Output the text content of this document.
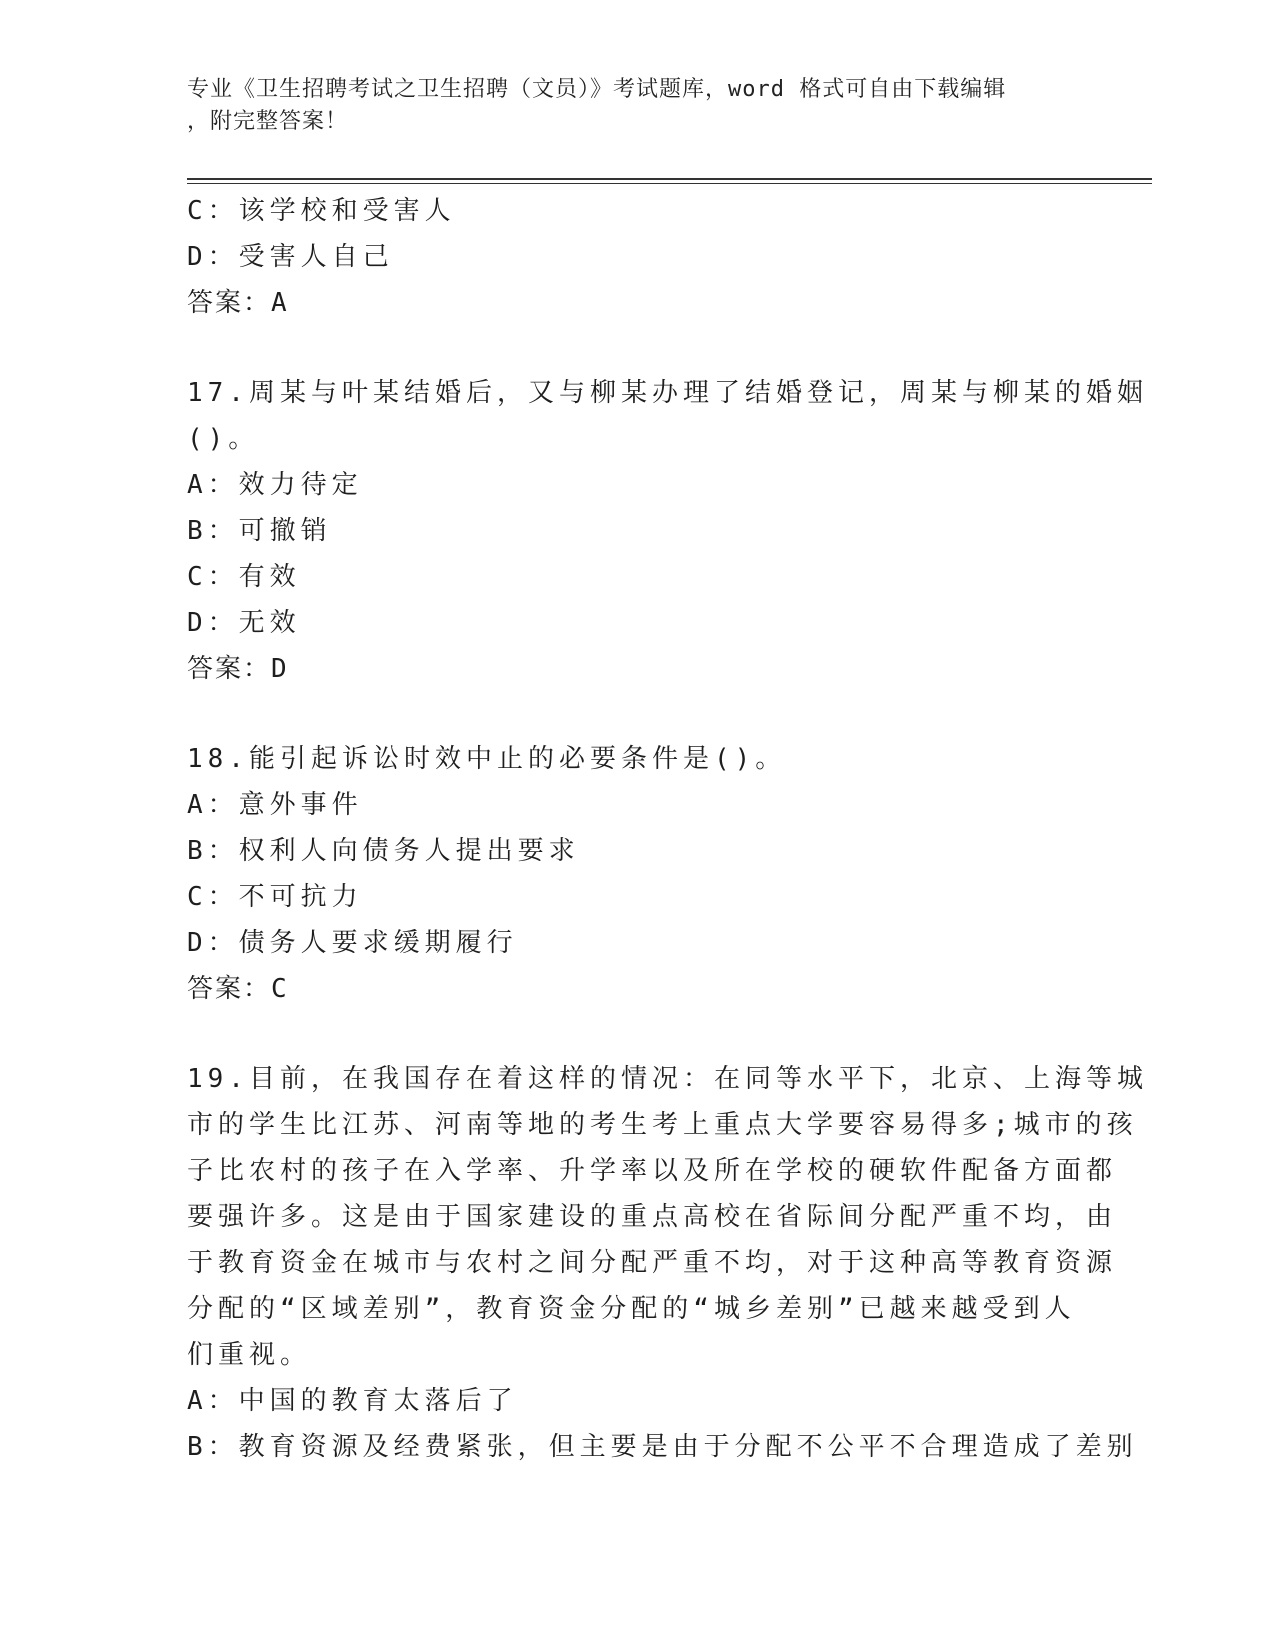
专业《卫生招聘考试之卫生招聘（文员）》考试题库，word 格式可自由下载编辑
，附完整答案！

C：该学校和受害人

D：受害人自己

答案：A

17.周某与叶某结婚后，又与柳某办理了结婚登记，周某与柳某的婚姻

()。

A：效力待定

B：可撤销

C：有效

D：无效

答案：D

18.能引起诉讼时效中止的必要条件是()。

A：意外事件

B：权利人向债务人提出要求

C：不可抗力

D：债务人要求缓期履行

答案：C

19.目前，在我国存在着这样的情况：在同等水平下，北京、上海等城

市的学生比江苏、河南等地的考生考上重点大学要容易得多;城市的孩

子比农村的孩子在入学率、升学率以及所在学校的硬软件配备方面都

要强许多。这是由于国家建设的重点高校在省际间分配严重不均，由

于教育资金在城市与农村之间分配严重不均，对于这种高等教育资源

分配的“区域差别”，教育资金分配的“城乡差别”已越来越受到人

们重视。

A：中国的教育太落后了

B：教育资源及经费紧张，但主要是由于分配不公平不合理造成了差别
